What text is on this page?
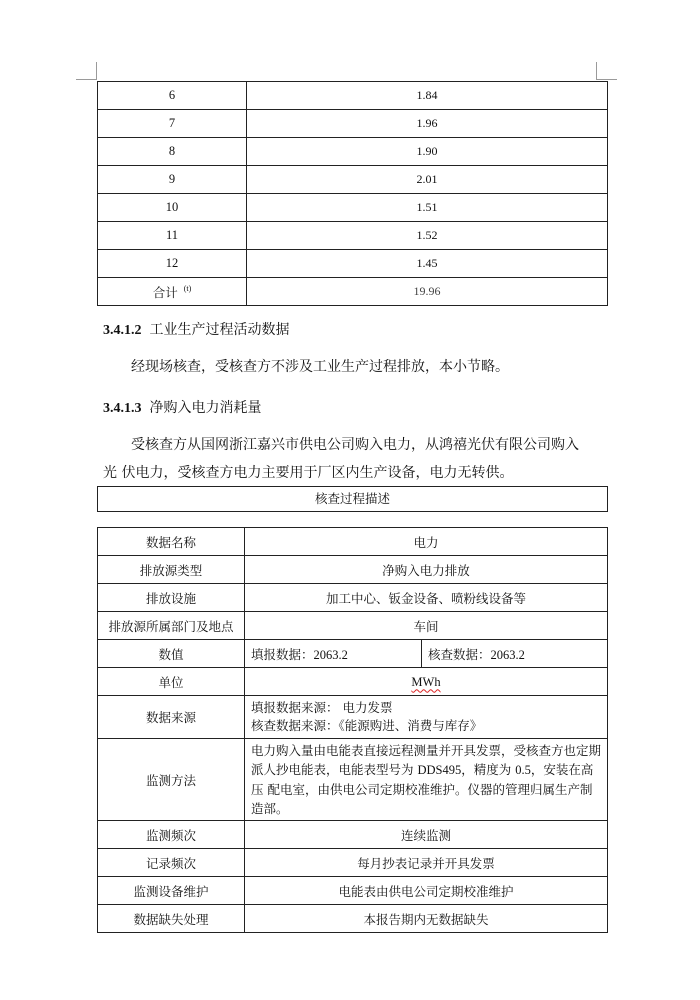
6	1.84
7	1.96
8	1.90
9	2.01
10	1.51
11	1.52
12	1.45
合计 $^{(t)}$	19.96
3.4.1.2 工业生产过程活动数据

经现场核查，受核查方不涉及工业生产过程排放，本小节略。

3.4.1.3 净购入电力消耗量

受核查方从国网浙江嘉兴市供电公司购入电力，从鸿禧光伏有限公司购入

光 伏电力，受核查方电力主要用于厂区内生产设备，电力无转供。

核查过程描述
数据名称	电力	
排放源类型	净购入电力排放	
排放设施	加工中心、钣金设备、喷粉线设备等	
排放源所属部门及地点	车间	
数值	填报数据：2063.2	核查数据：2063.2
单位	MWh	
数据来源	填报数据来源： 电力发票
核查数据来源：《能源购进、消费与库存》	

监测方法	电力购入量由电能表直接远程测量并开具发票，受核查方也定期派人抄电能表，电能表型号为 DDS495，精度为 0.5，安装在高压 配电室，由供电公司定期校准维护。仪器的管理归属生产制造部。	
监测频次	连续监测	
记录频次	每月抄表记录并开具发票	
监测设备维护	电能表由供电公司定期校准维护	
数据缺失处理	本报告期内无数据缺失	
